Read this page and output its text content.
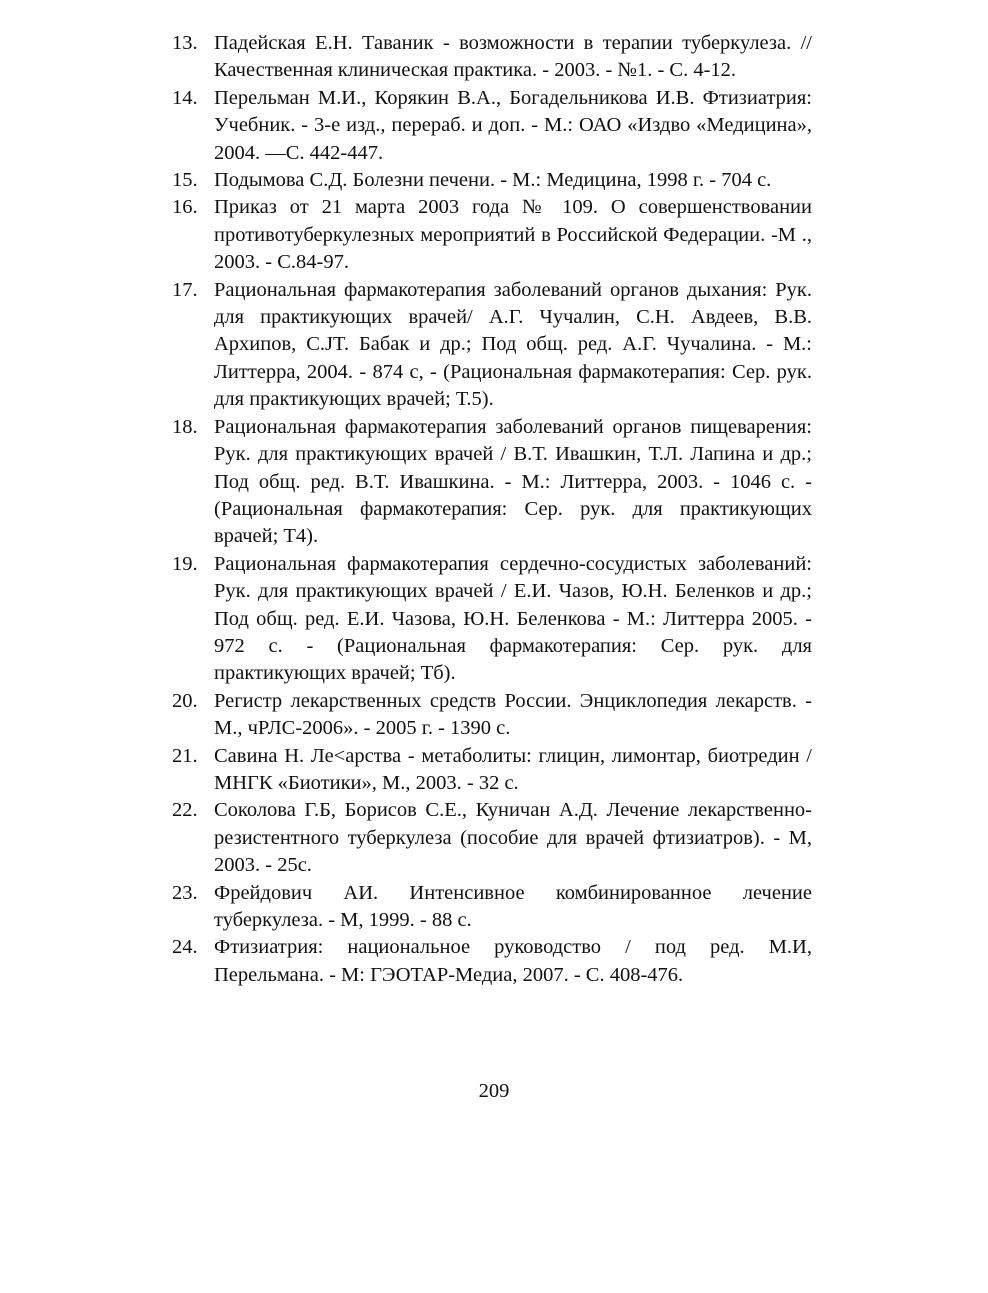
13. Падейская Е.Н. Таваник - возможности в терапии туберкулеза. // Качественная клиническая практика. - 2003. - №1. - С. 4-12.
14. Перельман М.И., Корякин В.А., Богадельникова И.В. Фтизиатрия: Учебник. - 3-е изд., перераб. и доп. - М.: ОАО «Издво «Медицина», 2004. —С. 442-447.
15. Подымова С.Д. Болезни печени. - М.: Медицина, 1998 г. - 704 с.
16. Приказ от 21 марта 2003 года № 109. О совершенствовании противотуберкулезных мероприятий в Российской Федерации. -М ., 2003. - С.84-97.
17. Рациональная фармакотерапия заболеваний органов дыхания: Рук. для практикующих врачей/ А.Г. Чучалин, С.Н. Авдеев, В.В. Архипов, С.JT. Бабак и др.; Под общ. ред. А.Г. Чучалина. - М.: Литтерра, 2004. - 874 с, - (Рациональная фармакотерапия: Сер. рук. для практикующих врачей; Т.5).
18. Рациональная фармакотерапия заболеваний органов пищеварения: Рук. для практикующих врачей / В.Т. Ивашкин, Т.Л. Лапина и др.; Под общ. ред. В.Т. Ивашкина. - М.: Литтерра, 2003. - 1046 с. - (Рациональная фармакотерапия: Сер. рук. для практикующих врачей; Т4).
19. Рациональная фармакотерапия сердечно-сосудистых заболеваний: Рук. для практикующих врачей / Е.И. Чазов, Ю.Н. Беленков и др.; Под общ. ред. Е.И. Чазова, Ю.Н. Беленкова - М.: Литтерра 2005. - 972 с. - (Рациональная фармакотерапия: Сер. рук. для практикующих врачей; Тб).
20. Регистр лекарственных средств России. Энциклопедия лекарств. - М., чРЛС-2006». - 2005 г. - 1390 с.
21. Савина Н. Ле<арства - метаболиты: глицин, лимонтар, биотредин / МНГК «Биотики», М., 2003. - 32 с.
22. Соколова Г.Б, Борисов С.Е., Куничан А.Д. Лечение лекарственно-резистентного туберкулеза (пособие для врачей фтизиатров). - М, 2003. - 25с.
23. Фрейдович АИ. Интенсивное комбинированное лечение туберкулеза. - М, 1999. - 88 с.
24. Фтизиатрия: национальное руководство / под ред. М.И, Перельмана. - М: ГЭОТАР-Медиа, 2007. - С. 408-476.
209
